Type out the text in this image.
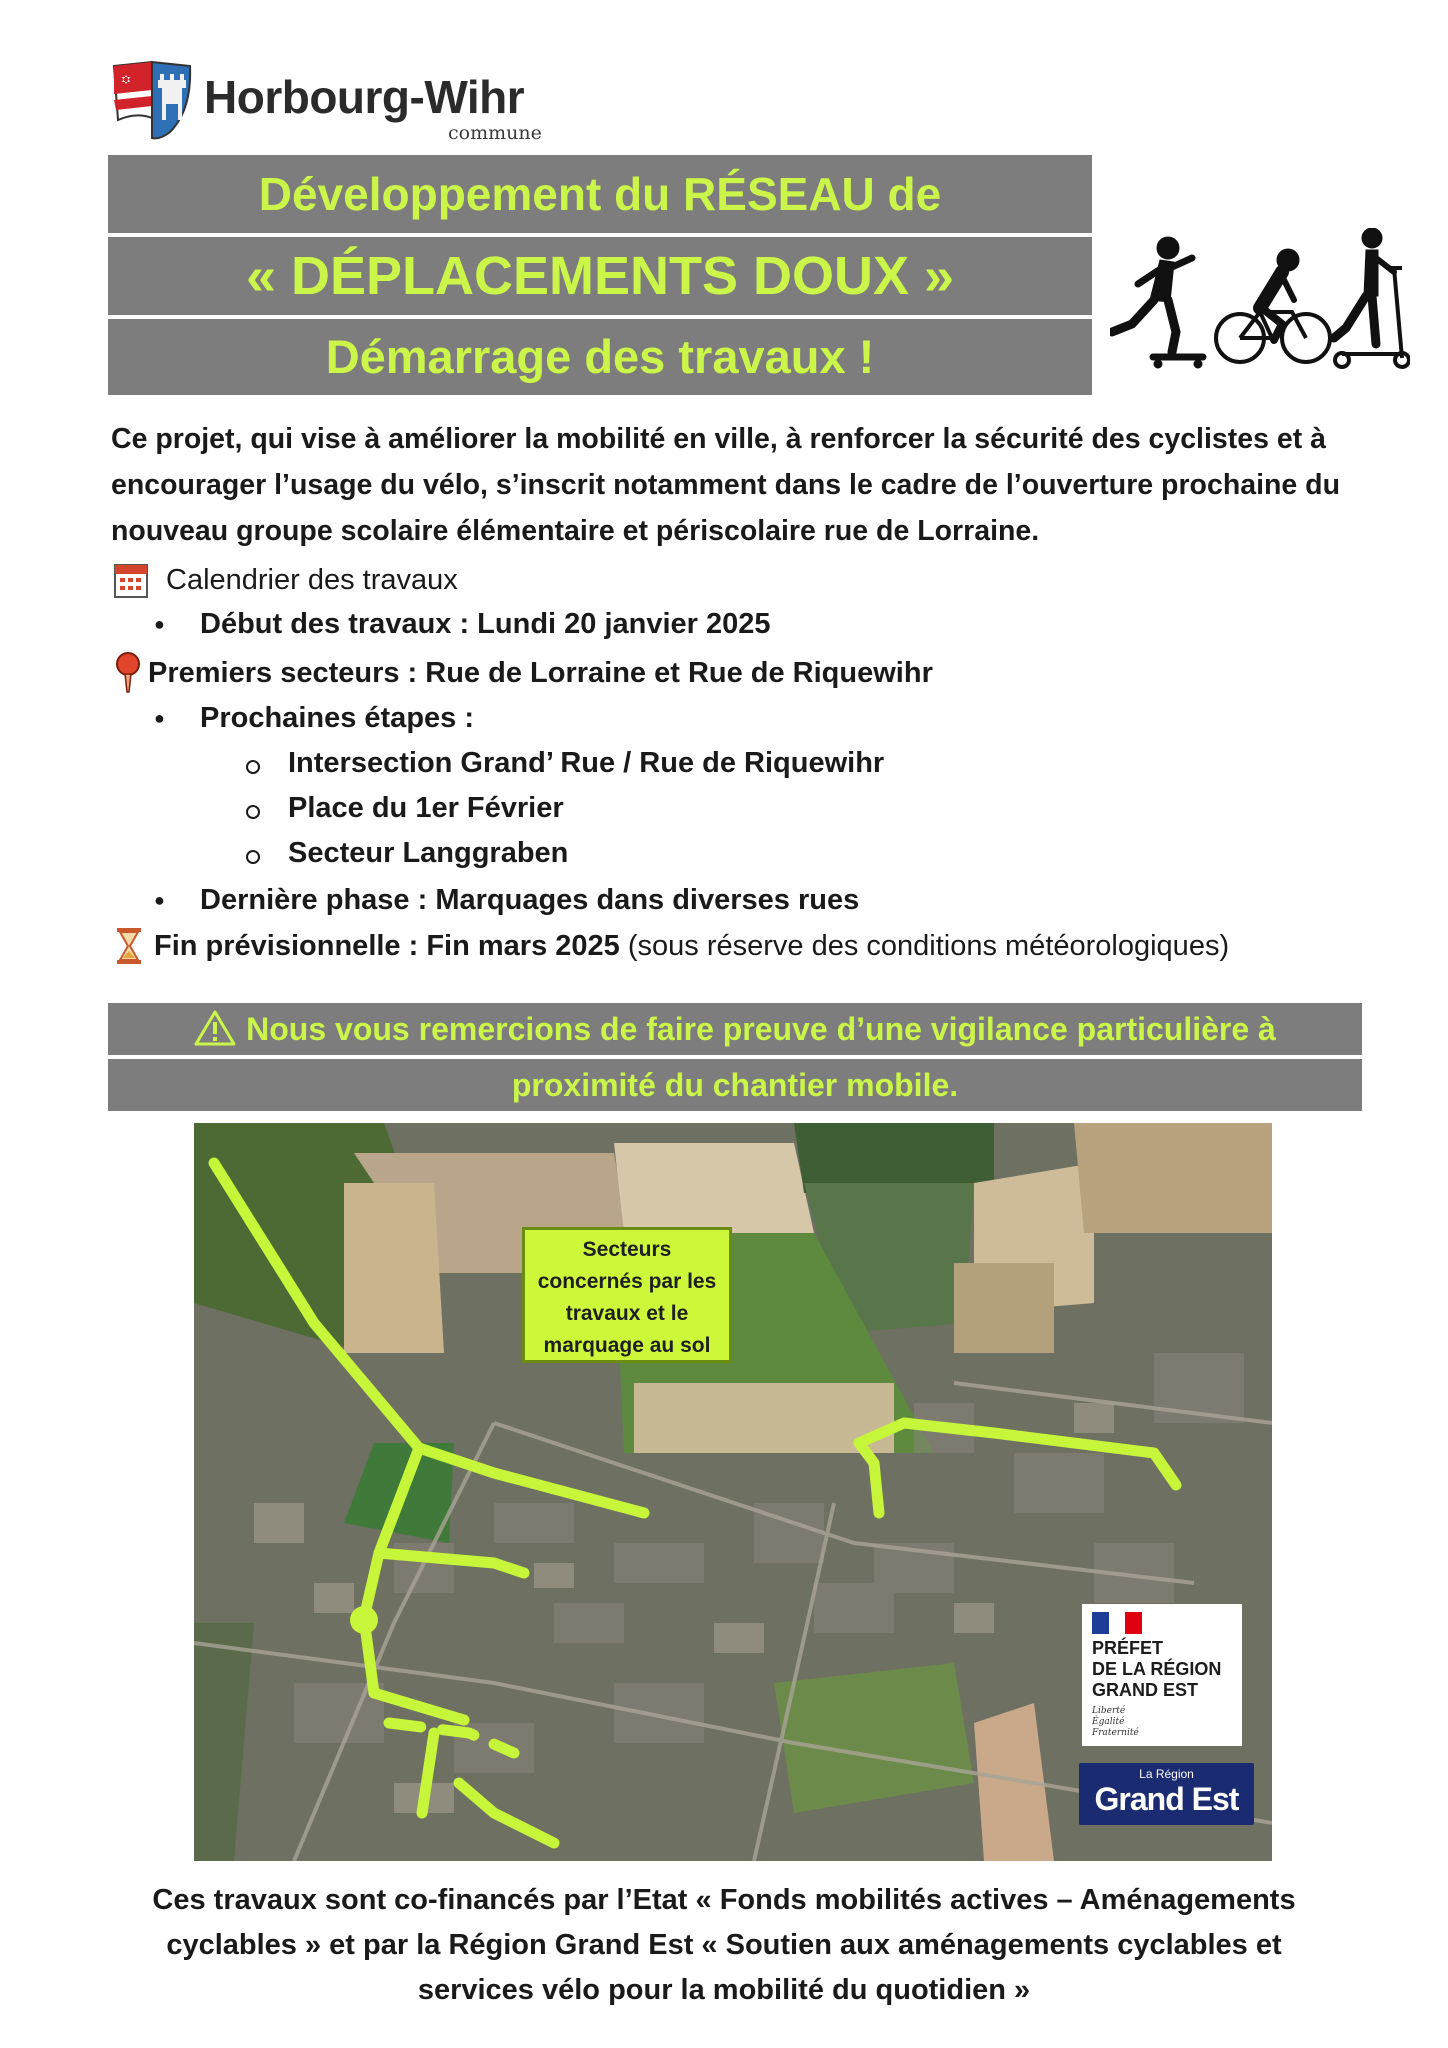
Horbourg-Wihr
commune
Développement du RÉSEAU de
« DÉPLACEMENTS DOUX »
Démarrage des travaux !
Ce projet, qui vise à améliorer la mobilité en ville, à renforcer la sécurité des cyclistes et à encourager l’usage du vélo, s’inscrit notamment dans le cadre de l’ouverture prochaine du nouveau groupe scolaire élémentaire et périscolaire rue de Lorraine.
Calendrier des travaux
● Début des travaux : Lundi 20 janvier 2025
Premiers secteurs : Rue de Lorraine et Rue de Riquewihr
● Prochaines étapes :
Intersection Grand’ Rue / Rue de Riquewihr
Place du 1er Février
Secteur Langgraben
● Dernière phase : Marquages dans diverses rues
Fin prévisionnelle : Fin mars 2025 (sous réserve des conditions météorologiques)
Nous vous remercions de faire preuve d’une vigilance particulière à
proximité du chantier mobile.
Secteurs
concernés par les
travaux et le
marquage au sol
PRÉFET
DE LA RÉGION
GRAND EST
Liberté
Égalité
Fraternité
La Région
Grand Est
Ces travaux sont co-financés par l’Etat « Fonds mobilités actives – Aménagements
cyclables » et par la Région Grand Est « Soutien aux aménagements cyclables et
services vélo pour la mobilité du quotidien »
